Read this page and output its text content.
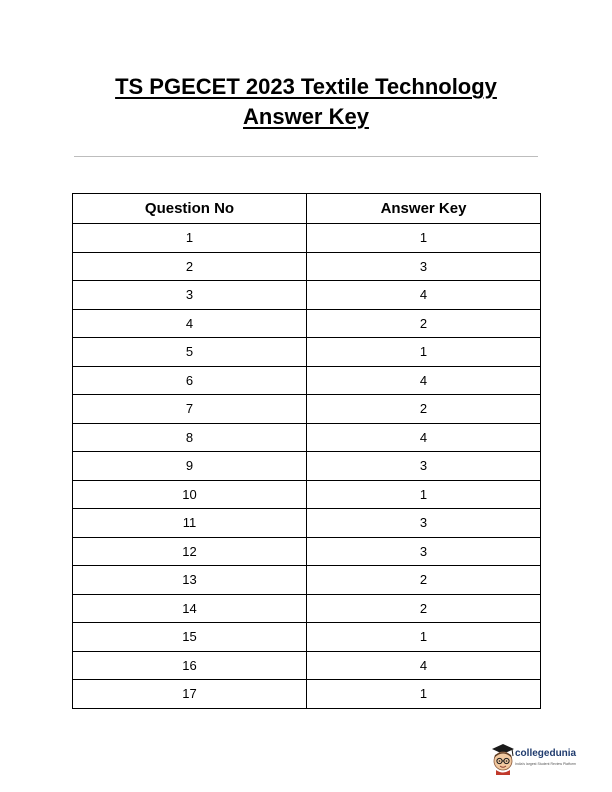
TS PGECET 2023 Textile Technology
Answer Key
Question No	Answer Key
1	1
2	3
3	4
4	2
5	1
6	4
7	2
8	4
9	3
10	1
11	3
12	3
13	2
14	2
15	1
16	4
17	1
collegedunia
India's largest Student Review Platform
